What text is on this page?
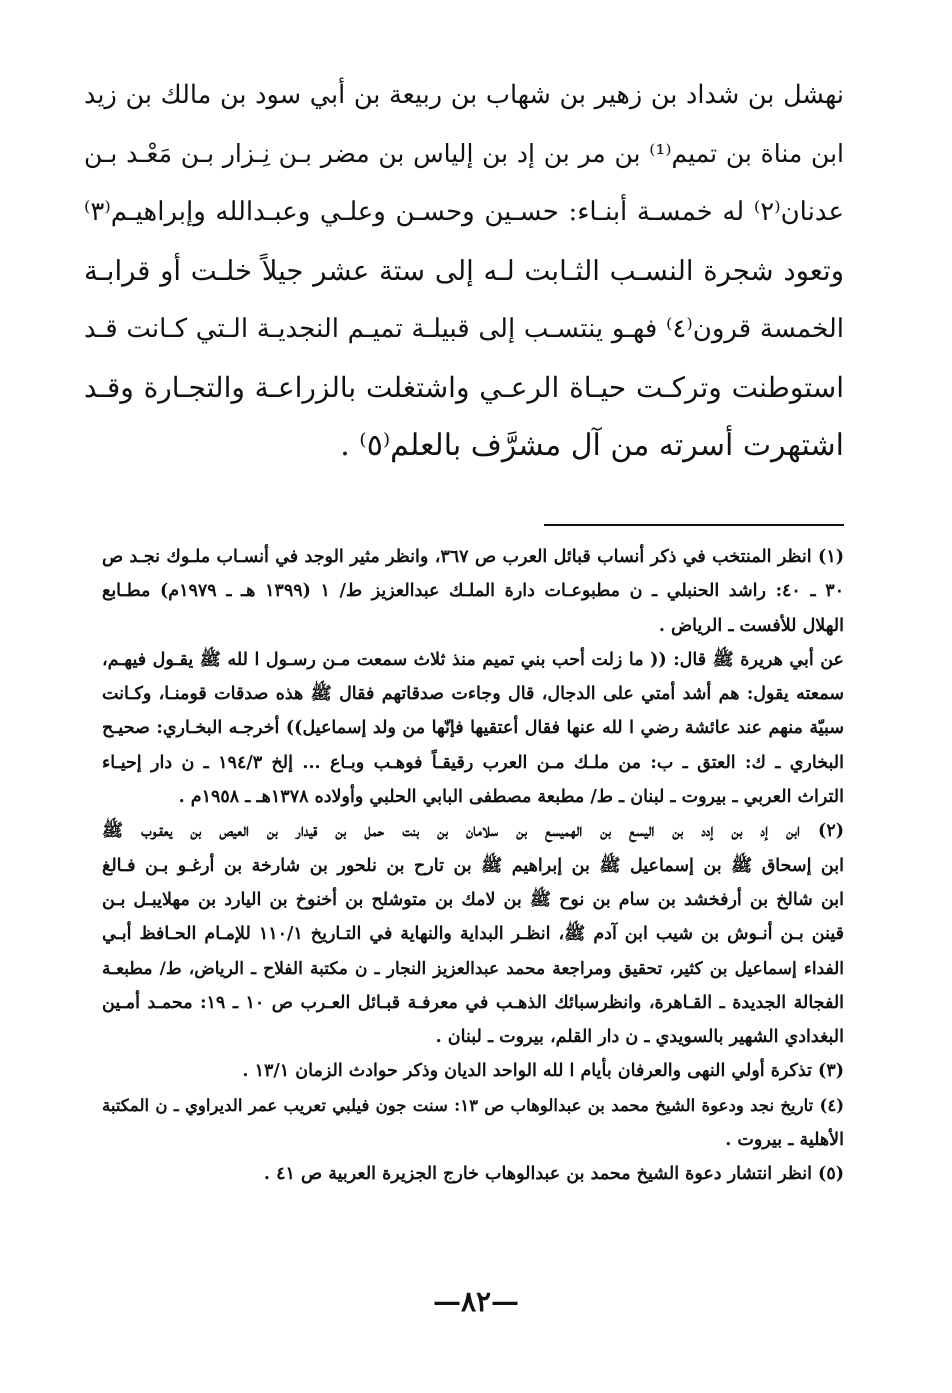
نهشل بن شداد بن زهير بن شهاب بن ربيعة بن أبي سود بن مالك بن زيد
ابن مناة بن تميم⁽¹⁾ بن مر بن إد بن إلياس بن مضر بـن نِـزار بـن مَعْـد بـن
عدنان⁽٢⁾ له خمسـة أبنـاء: حسـين وحسـن وعلـي وعبـدالله وإبراهيـم⁽٣⁾
وتعود شجرة النسـب الثـابت لـه إلى ستة عشر جيلاً خلـت أو قرابـة
الخمسة قرون⁽٤⁾ فهـو ينتسـب إلى قبيلـة تميـم النجديـة الـتي كـانت قـد
استوطنت وتركـت حيـاة الرعـي واشتغلت بالزراعـة والتجـارة وقـد
اشتهرت أسرته من آل مشرَّف بالعلم⁽٥⁾ .
(١) انظر المنتخب في ذكر أنساب قبائل العرب ص ٣٦٧، وانظر مثير الوجد في أنسـاب ملـوك نجـد ص
٣٠ ـ ٤٠: راشد الحنبلي ـ ن مطبوعـات دارة الملـك عبدالعزيز ط/ ١ (١٣٩٩ هـ ـ ١٩٧٩م) مطـابع
الهلال للأفست ـ الرياض .
عن أبي هريرة ﷺ قال: (( ما زلت أحب بني تميم منذ ثلاث سمعت مـن رسـول ا لله ﷺ يقـول فيهـم،
سمعته يقول: هم أشد أمتي على الدجال، قال وجاءت صدقاتهم فقال ﷺ هذه صدقات قومنـا، وكـانت
سبيّة منهم عند عائشة رضي ا لله عنها فقال أعتقيها فإنّها من ولد إسماعيل)) أخرجـه البخـاري: صحيـح
البخاري ـ ك: العتق ـ ب: من ملـك مـن العرب رقيقـاً فوهـب وبـاع ... إلخ ١٩٤/٣ ـ ن دار إحيـاء
التراث العربي ـ بيروت ـ لبنان ـ ط/ مطبعة مصطفى البابي الحلبي وأولاده ١٣٧٨هـ ـ ١٩٥٨م .
(٢) ابن إد بن إدد بن اليسع بن الهميسع بن سلامان بن بنت حمل بن قيدار بن العيص بن يعقـوب ﷺ
ابن إسحاق ﷺ بن إسماعيل ﷺ بن إبراهيم ﷺ بن تارح بن نلحور بن شارخة بن أرغـو بـن فـالغ
ابن شالخ بن أرفخشد بن سام بن نوح ﷺ بن لامك بن متوشلح بن أخنوخ بن اليارد بن مهلايبـل بـن
قينن بـن أنـوش بن شيب ابن آدم ﷺ، انظـر البداية والنهاية في التـاريخ ١١٠/١ للإمـام الحـافظ أبـي
الفداء إسماعيل بن كثير، تحقيق ومراجعة محمد عبدالعزيز النجار ـ ن مكتبة الفلاح ـ الرياض، ط/ مطبعـة
الفجالة الجديدة ـ القـاهرة، وانظرسبائك الذهـب في معرفـة قبـائل العـرب ص ١٠ ـ ١٩: محمـد أمـين
البغدادي الشهير بالسويدي ـ ن دار القلم، بيروت ـ لبنان .
(٣) تذكرة أولي النهى والعرفان بأيام ا لله الواحد الديان وذكر حوادث الزمان ١٣/١ .
(٤) تاريخ نجد ودعوة الشيخ محمد بن عبدالوهاب ص ١٣: سنت جون فيلبي تعريب عمر الديراوي ـ ن المكتبة
الأهلية ـ بيروت .
(٥) انظر انتشار دعوة الشيخ محمد بن عبدالوهاب خارج الجزيرة العربية ص ٤١ .
—٨٢—
